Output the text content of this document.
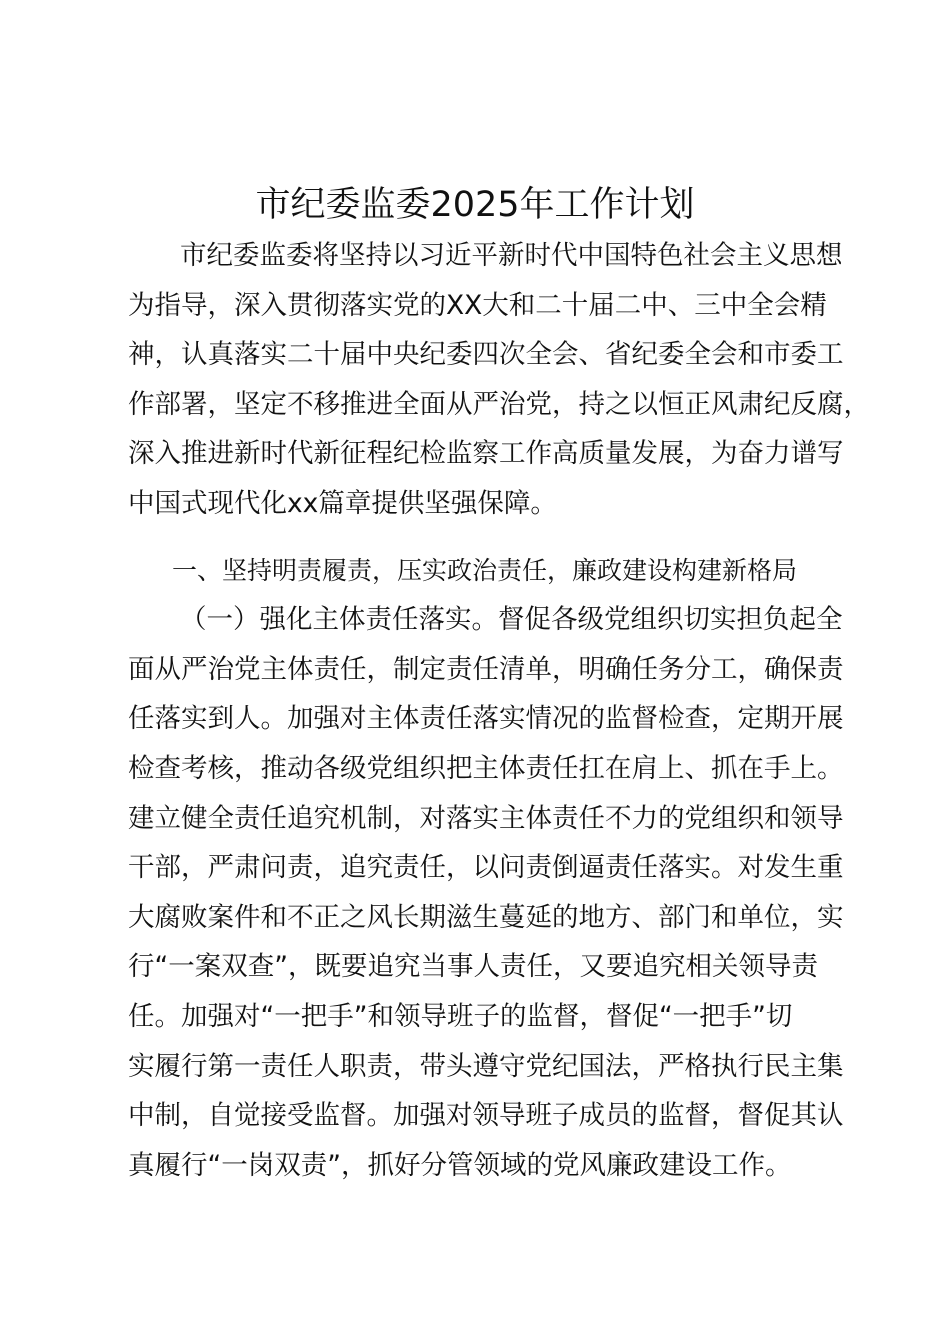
市纪委监委2025年工作计划
市纪委监委将坚持以习近平新时代中国特色社会主义思想
为指导，深入贯彻落实党的XX大和二十届二中、三中全会精
神，认真落实二十届中央纪委四次全会、省纪委全会和市委工
作部署，坚定不移推进全面从严治党，持之以恒正风肃纪反腐，
深入推进新时代新征程纪检监察工作高质量发展，为奋力谱写
中国式现代化xx篇章提供坚强保障。
一、坚持明责履责，压实政治责任，廉政建设构建新格局
（一）强化主体责任落实。督促各级党组织切实担负起全
面从严治党主体责任，制定责任清单，明确任务分工，确保责
任落实到人。加强对主体责任落实情况的监督检查，定期开展
检查考核，推动各级党组织把主体责任扛在肩上、抓在手上。
建立健全责任追究机制，对落实主体责任不力的党组织和领导
干部，严肃问责，追究责任，以问责倒逼责任落实。对发生重
大腐败案件和不正之风长期滋生蔓延的地方、部门和单位，实
行“一案双查”，既要追究当事人责任，又要追究相关领导责
任。加强对“一把手”和领导班子的监督，督促“一把手”切
实履行第一责任人职责，带头遵守党纪国法，严格执行民主集
中制，自觉接受监督。加强对领导班子成员的监督，督促其认
真履行“一岗双责”，抓好分管领域的党风廉政建设工作。
